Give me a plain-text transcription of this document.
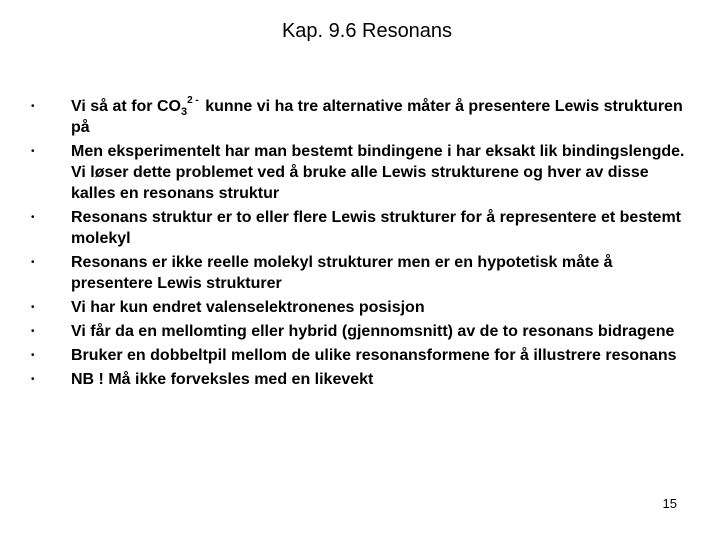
Kap. 9.6 Resonans
• Vi så at for $CO_3^{2 -}$ kunne vi ha tre alternative måter å presentere Lewis strukturen på
• Men eksperimentelt har man bestemt bindingene i har eksakt lik bindingslengde. Vi løser dette problemet ved å bruke alle Lewis strukturene og hver av disse kalles en resonans struktur
• Resonans struktur er to eller flere Lewis strukturer for å representere et bestemt molekyl
• Resonans er ikke reelle molekyl strukturer men er en hypotetisk måte å presentere Lewis strukturer
• Vi har kun endret valenselektronenes posisjon
• Vi får da en mellomting eller hybrid (gjennomsnitt) av de to resonans bidragene
• Bruker en dobbeltpil mellom de ulike resonansformene for å illustrere resonans
• NB ! Må ikke forveksles med en likevekt
15
